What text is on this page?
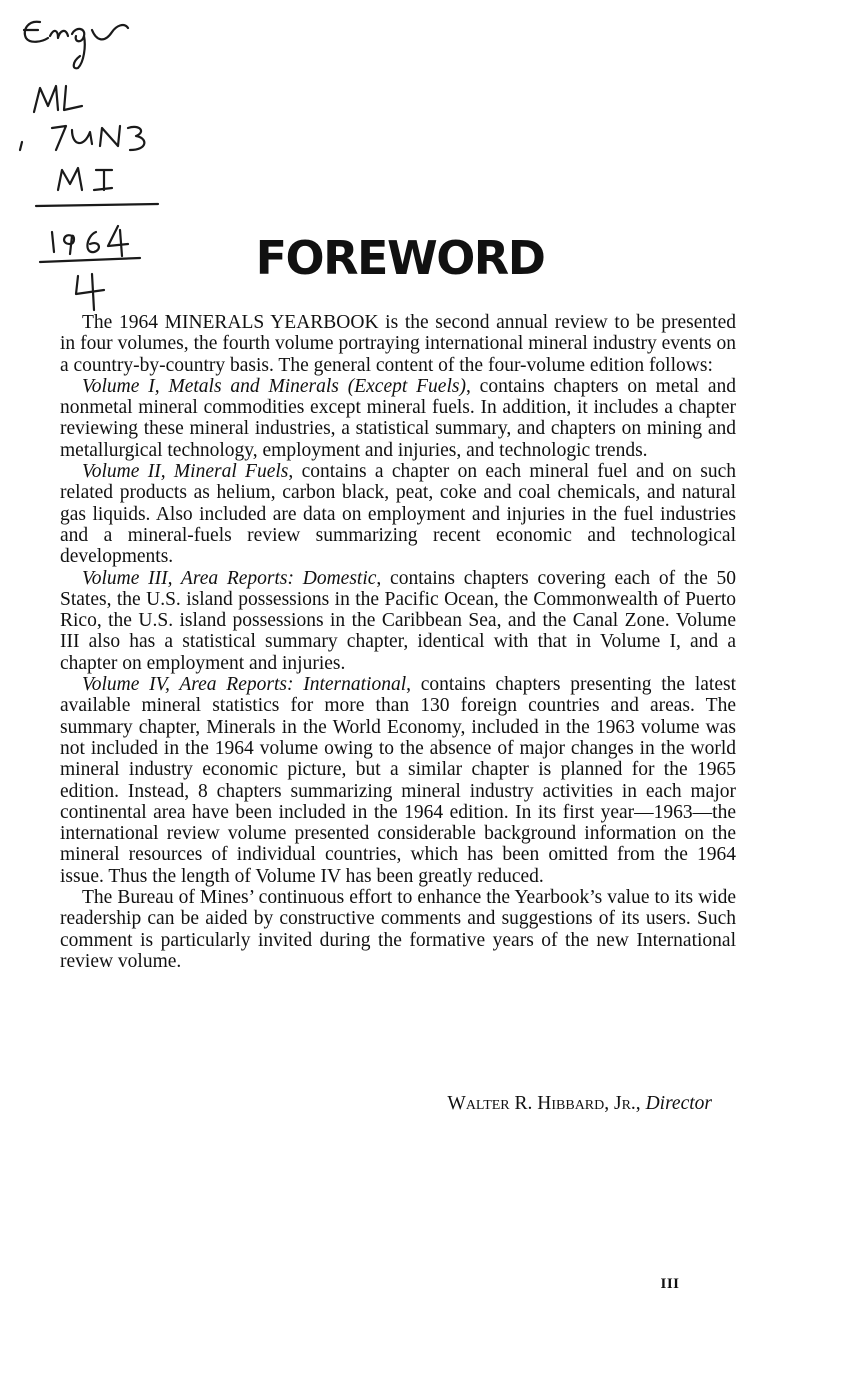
FOREWORD

The 1964 MINERALS YEARBOOK is the second annual review to be presented in four volumes, the fourth volume portraying international mineral industry events on a country-by-country basis. The general content of the four-volume edition follows:

Volume I, Metals and Minerals (Except Fuels), contains chapters on metal and nonmetal mineral commodities except mineral fuels. In addition, it includes a chapter reviewing these mineral industries, a statistical summary, and chapters on mining and metallurgical technology, employment and injuries, and technologic trends.

Volume II, Mineral Fuels, contains a chapter on each mineral fuel and on such related products as helium, carbon black, peat, coke and coal chemicals, and natural gas liquids. Also included are data on employment and injuries in the fuel industries and a mineral-fuels review summarizing recent economic and technological developments.

Volume III, Area Reports: Domestic, contains chapters covering each of the 50 States, the U.S. island possessions in the Pacific Ocean, the Commonwealth of Puerto Rico, the U.S. island possessions in the Caribbean Sea, and the Canal Zone. Volume III also has a statistical summary chapter, identical with that in Volume I, and a chapter on employment and injuries.

Volume IV, Area Reports: International, contains chapters presenting the latest available mineral statistics for more than 130 foreign countries and areas. The summary chapter, Minerals in the World Economy, included in the 1963 volume was not included in the 1964 volume owing to the absence of major changes in the world mineral industry economic picture, but a similar chapter is planned for the 1965 edition. Instead, 8 chapters summarizing mineral industry activities in each major continental area have been included in the 1964 edition. In its first year—1963—the international review volume presented considerable background information on the mineral resources of individual countries, which has been omitted from the 1964 issue. Thus the length of Volume IV has been greatly reduced.

The Bureau of Mines’ continuous effort to enhance the Yearbook’s value to its wide readership can be aided by constructive comments and suggestions of its users. Such comment is particularly invited during the formative years of the new International review volume.

Walter R. Hibbard, Jr., Director
III
